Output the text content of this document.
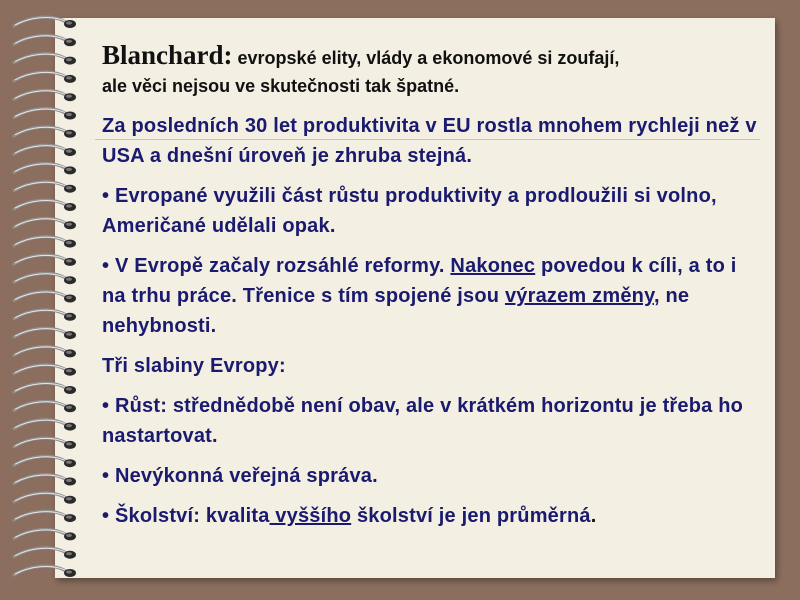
Blanchard: evropské elity, vlády a ekonomové si zoufají,

ale věci nejsou ve skutečnosti tak špatné.

Za posledních 30 let produktivita v EU rostla mnohem rychleji než v USA a dnešní úroveň je zhruba stejná.

• Evropané využili část růstu produktivity a prodloužili si volno, Američané udělali opak.

• V Evropě začaly rozsáhlé reformy. Nakonec povedou k cíli, a to i na trhu práce. Třenice s tím spojené jsou výrazem změny, ne nehybnosti.

Tři slabiny Evropy:

• Růst: střednědobě není obav, ale v krátkém horizontu je třeba ho nastartovat.

• Nevýkonná veřejná správa.

• Školství: kvalita vyššího školství je jen průměrná.
